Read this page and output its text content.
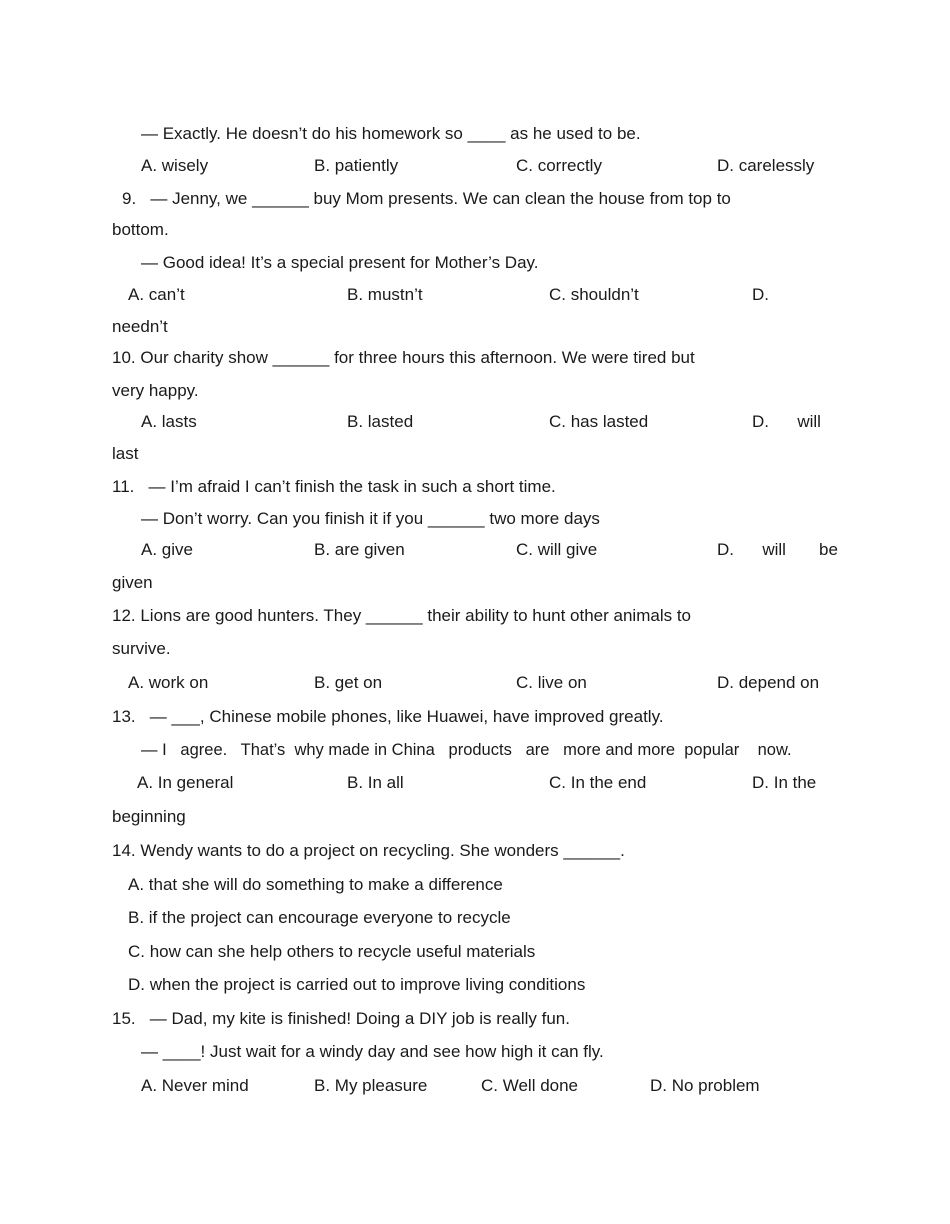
— Exactly. He doesn’t do his homework so ____ as he used to be.
A. wisely	B. patiently	C. correctly	D. carelessly
9.   — Jenny, we ______ buy Mom presents. We can clean the house from top to
bottom.
— Good idea! It’s a special present for Mother’s Day.
A. can’t	B. mustn’t	C. shouldn’t	D.
needn’t
10. Our charity show ______ for three hours this afternoon. We were tired but
very happy.
A. lasts	B. lasted	C. has lasted	D.      will
last
11.   — I’m afraid I can’t finish the task in such a short time.
— Don’t worry. Can you finish it if you ______ two more days
A. give	B. are given	C. will give	D.      will       be
given
12. Lions are good hunters. They ______ their ability to hunt other animals to
survive.
A. work on	B. get on	C. live on	D. depend on
13.   — ___, Chinese mobile phones, like Huawei, have improved greatly.
— I   agree.   That’s  why made in China   products   are   more and more  popular    now.
A. In general	B. In all	C. In the end	D. In the
beginning
14. Wendy wants to do a project on recycling. She wonders ______.
A. that she will do something to make a difference
B. if the project can encourage everyone to recycle
C. how can she help others to recycle useful materials
D. when the project is carried out to improve living conditions
15.   — Dad, my kite is finished! Doing a DIY job is really fun.
— ____! Just wait for a windy day and see how high it can fly.
A. Never mind	B. My pleasure	C. Well done	D. No problem
